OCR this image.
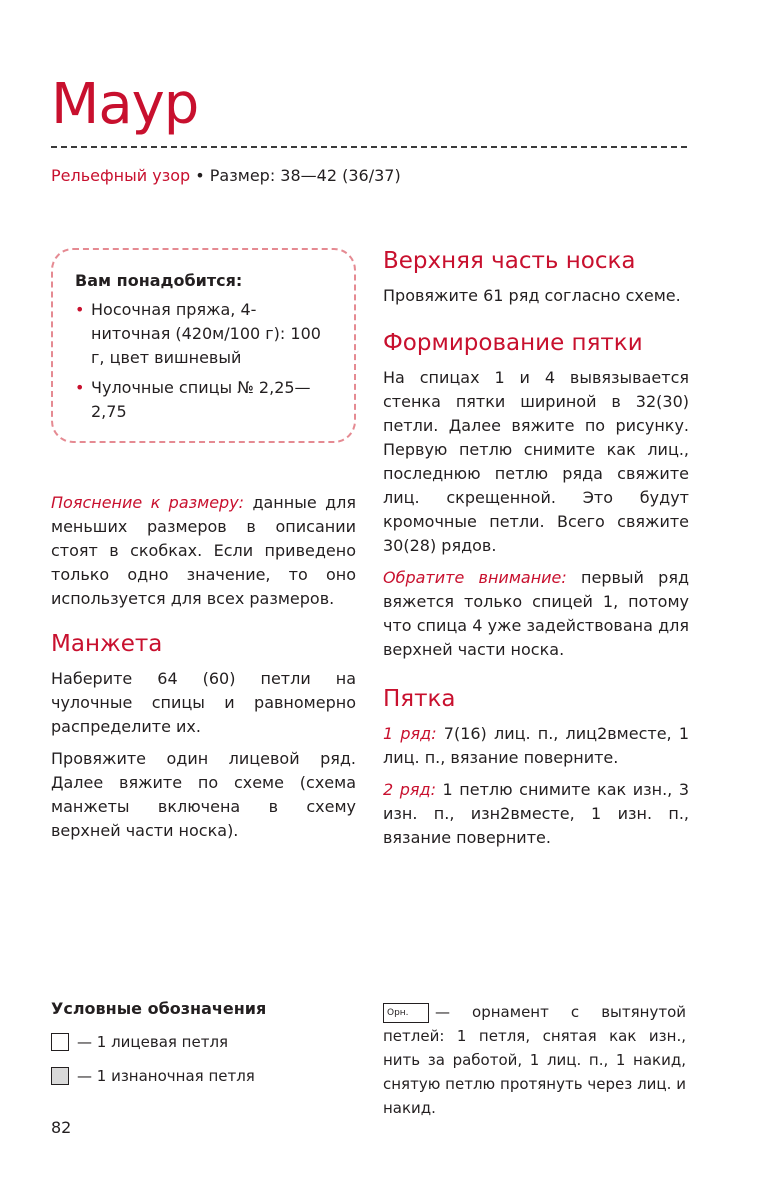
Маур
Рельефный узор • Размер: 38—42 (36/37)

Вам понадобится:

• Носочная пряжа, 4-ниточная (420м/100 г): 100 г, цвет вишневый
• Чулочные спицы № 2,25—2,75

Пояснение к размеру: данные для меньших размеров в описании стоят в скобках. Если приведено только одно значение, то оно используется для всех размеров.

Манжета

Наберите 64 (60) петли на чулочные спицы и равномерно распределите их.

Провяжите один лицевой ряд. Далее вяжите по схеме (схема манжеты включена в схему верхней части носка).

Верхняя часть носка

Провяжите 61 ряд согласно схеме.

Формирование пятки

На спицах 1 и 4 вывязывается стенка пятки шириной в 32(30) петли. Далее вяжите по рисунку. Первую петлю снимите как лиц., последнюю петлю ряда свяжите лиц. скрещенной. Это будут кромочные петли. Всего свяжите 30(28) рядов.

Обратите внимание: первый ряд вяжется только спицей 1, потому что спица 4 уже задействована для верхней части носка.

Пятка

1 ряд: 7(16) лиц. п., лиц2вместе, 1 лиц. п., вязание поверните.

2 ряд: 1 петлю снимите как изн., 3 изн. п., изн2вместе, 1 изн. п., вязание поверните.

Условные обозначения

— 1 лицевая петля
— 1 изнаночная петля
Орн. — орнамент с вытянутой петлей: 1 петля, снятая как изн., нить за работой, 1 лиц. п., 1 накид, снятую петлю протянуть через лиц. и накид.
82
